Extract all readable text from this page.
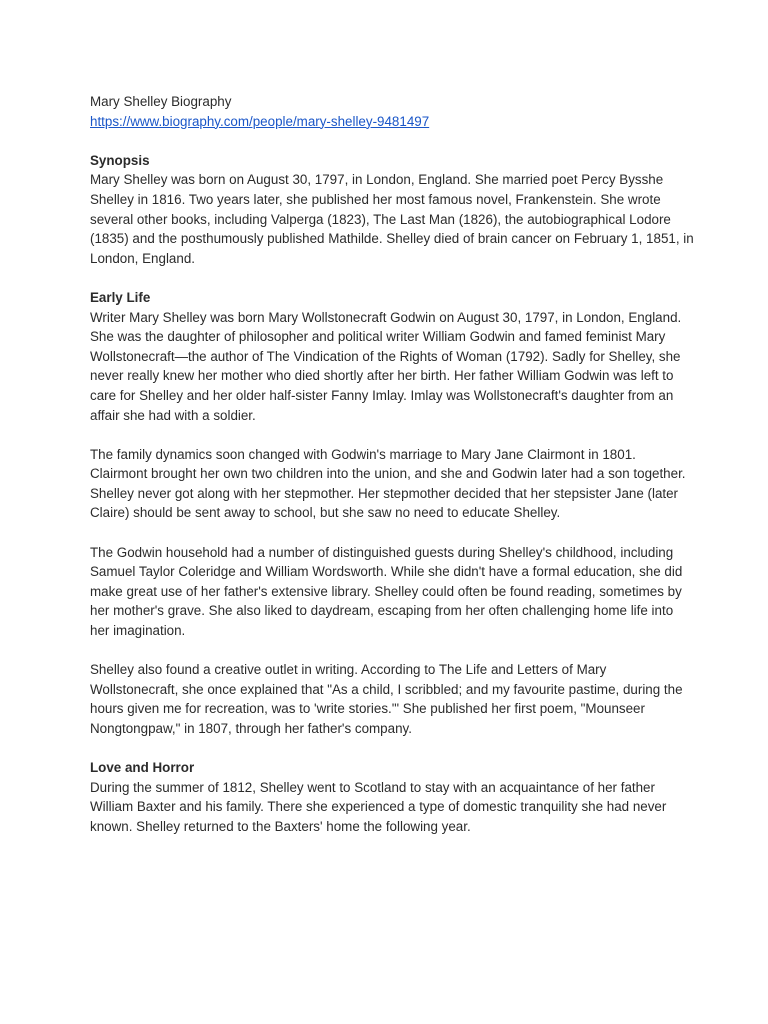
Mary Shelley Biography

https://www.biography.com/people/mary-shelley-9481497

Synopsis

Mary Shelley was born on August 30, 1797, in London, England. She married poet Percy Bysshe Shelley in 1816. Two years later, she published her most famous novel, Frankenstein. She wrote several other books, including Valperga (1823), The Last Man (1826), the autobiographical Lodore (1835) and the posthumously published Mathilde. Shelley died of brain cancer on February 1, 1851, in London, England.

Early Life

Writer Mary Shelley was born Mary Wollstonecraft Godwin on August 30, 1797, in London, England. She was the daughter of philosopher and political writer William Godwin and famed feminist Mary Wollstonecraft—the author of The Vindication of the Rights of Woman (1792). Sadly for Shelley, she never really knew her mother who died shortly after her birth. Her father William Godwin was left to care for Shelley and her older half-sister Fanny Imlay. Imlay was Wollstonecraft's daughter from an affair she had with a soldier.

The family dynamics soon changed with Godwin's marriage to Mary Jane Clairmont in 1801. Clairmont brought her own two children into the union, and she and Godwin later had a son together. Shelley never got along with her stepmother. Her stepmother decided that her stepsister Jane (later Claire) should be sent away to school, but she saw no need to educate Shelley.

The Godwin household had a number of distinguished guests during Shelley's childhood, including Samuel Taylor Coleridge and William Wordsworth. While she didn't have a formal education, she did make great use of her father's extensive library. Shelley could often be found reading, sometimes by her mother's grave. She also liked to daydream, escaping from her often challenging home life into her imagination.

Shelley also found a creative outlet in writing. According to The Life and Letters of Mary Wollstonecraft, she once explained that "As a child, I scribbled; and my favourite pastime, during the hours given me for recreation, was to 'write stories.'" She published her first poem, "Mounseer Nongtongpaw," in 1807, through her father's company.

Love and Horror

During the summer of 1812, Shelley went to Scotland to stay with an acquaintance of her father William Baxter and his family. There she experienced a type of domestic tranquility she had never known. Shelley returned to the Baxters' home the following year.
